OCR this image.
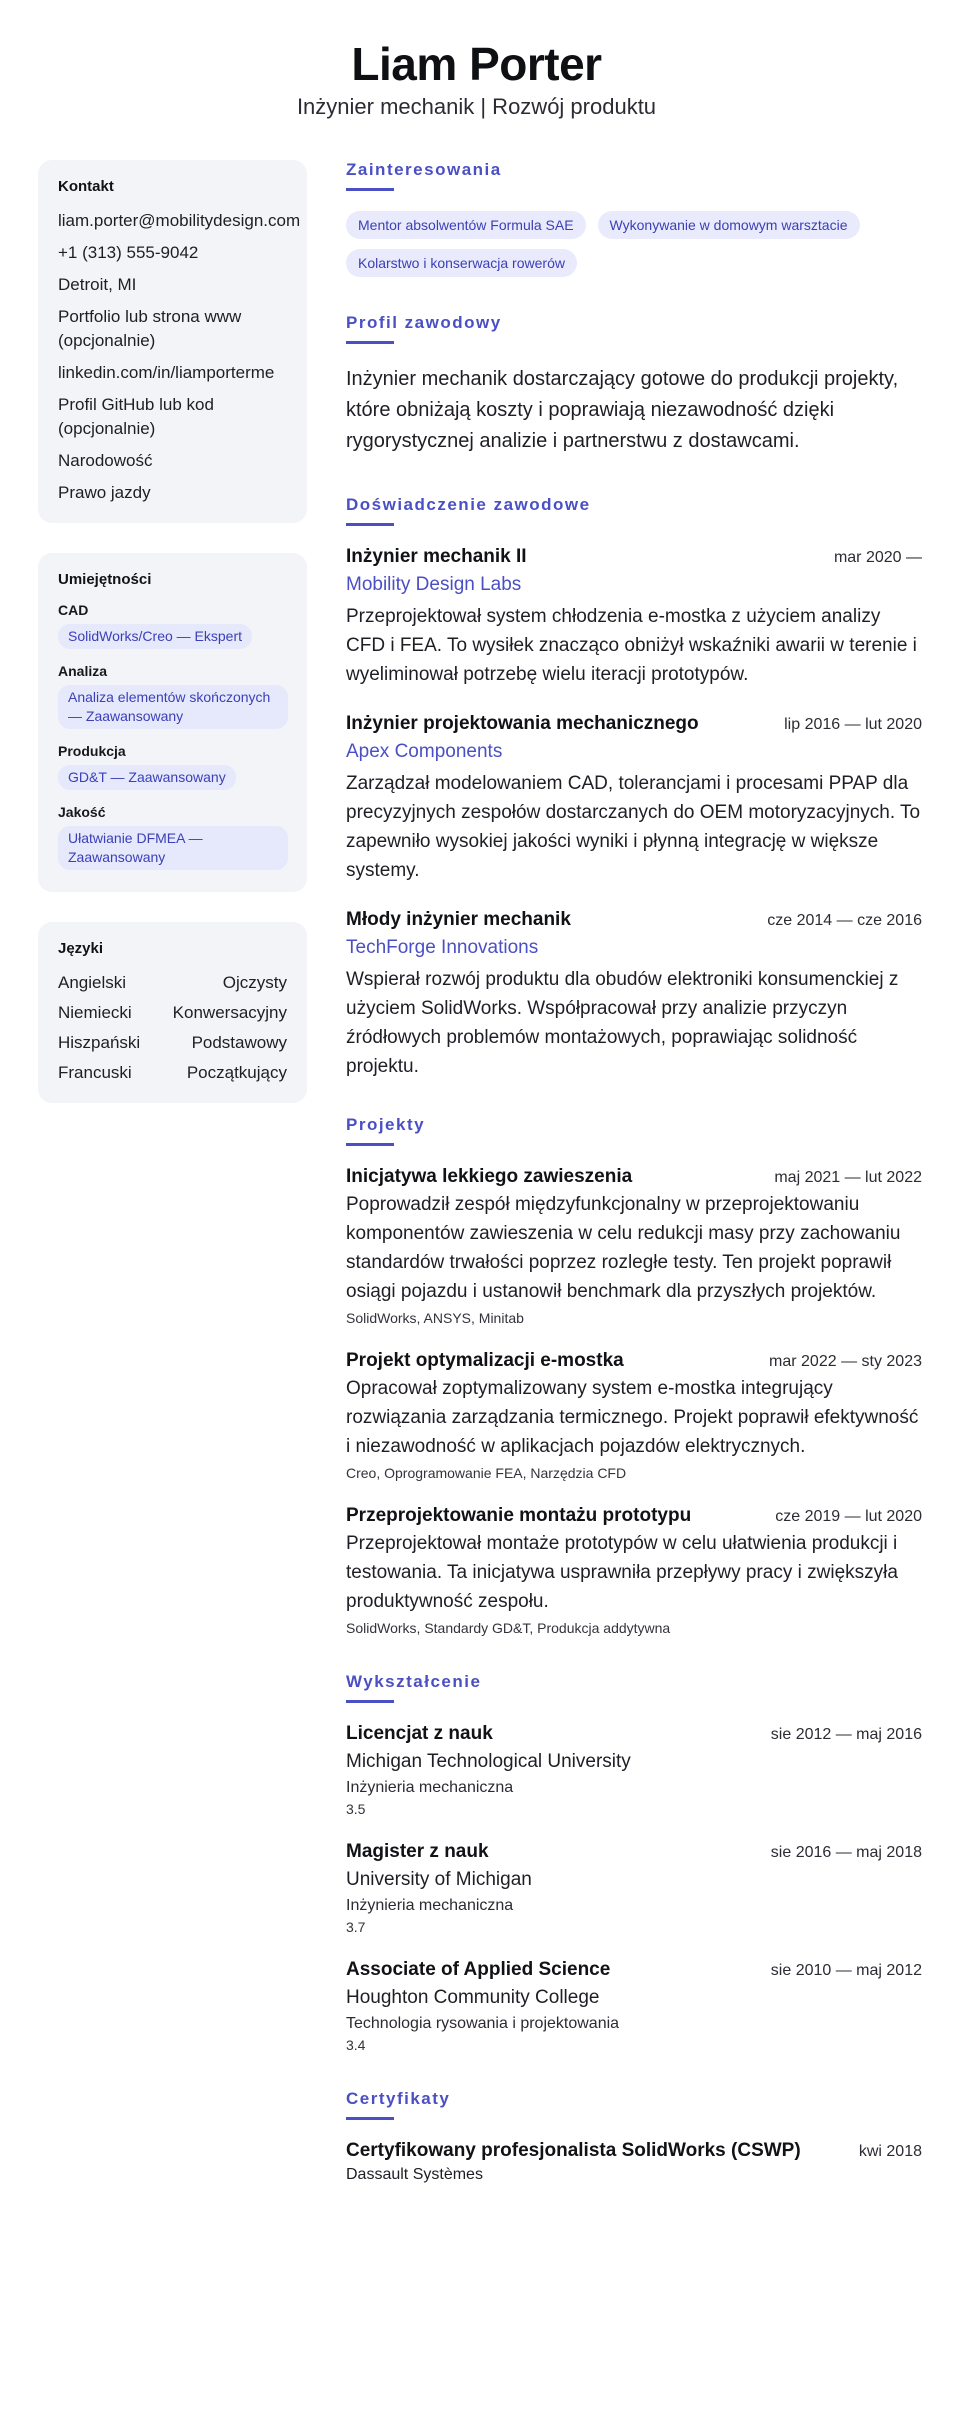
Liam Porter
Inżynier mechanik | Rozwój produktu
Kontakt
liam.porter@mobilitydesign.com
+1 (313) 555-9042
Detroit, MI
Portfolio lub strona www (opcjonalnie)
linkedin.com/in/liamporterme
Profil GitHub lub kod (opcjonalnie)
Narodowość
Prawo jazdy
Umiejętności
CAD
SolidWorks/Creo — Ekspert
Analiza
Analiza elementów skończonych — Zaawansowany
Produkcja
GD&T — Zaawansowany
Jakość
Ułatwianie DFMEA — Zaawansowany
Języki
Angielski	Ojczysty
Niemiecki Konwersacyjny
Hiszpański	Podstawowy
Francuski	Początkujący
Zainteresowania
Mentor absolwentów Formula SAE	Wykonywanie w domowym warsztacie
Kolarstwo i konserwacja rowerów
Profil zawodowy
Inżynier mechanik dostarczający gotowe do produkcji projekty, które obniżają koszty i poprawiają niezawodność dzięki rygorystycznej analizie i partnerstwu z dostawcami.
Doświadczenie zawodowe
Inżynier mechanik II	mar 2020 —
Mobility Design Labs
Przeprojektował system chłodzenia e-mostka z użyciem analizy CFD i FEA. To wysiłek znacząco obniżył wskaźniki awarii w terenie i wyeliminował potrzebę wielu iteracji prototypów.
Inżynier projektowania mechanicznego	lip 2016 — lut 2020
Apex Components
Zarządzał modelowaniem CAD, tolerancjami i procesami PPAP dla precyzyjnych zespołów dostarczanych do OEM motoryzacyjnych. To zapewniło wysokiej jakości wyniki i płynną integrację w większe systemy.
Młody inżynier mechanik	cze 2014 — cze 2016
TechForge Innovations
Wspierał rozwój produktu dla obudów elektroniki konsumenckiej z użyciem SolidWorks. Współpracował przy analizie przyczyn źródłowych problemów montażowych, poprawiając solidność projektu.
Projekty
Inicjatywa lekkiego zawieszenia	maj 2021 — lut 2022
Poprowadził zespół międzyfunkcjonalny w przeprojektowaniu komponentów zawieszenia w celu redukcji masy przy zachowaniu standardów trwałości poprzez rozległe testy. Ten projekt poprawił osiągi pojazdu i ustanowił benchmark dla przyszłych projektów.
SolidWorks, ANSYS, Minitab
Projekt optymalizacji e-mostka	mar 2022 — sty 2023
Opracował zoptymalizowany system e-mostka integrujący rozwiązania zarządzania termicznego. Projekt poprawił efektywność i niezawodność w aplikacjach pojazdów elektrycznych.
Creo, Oprogramowanie FEA, Narzędzia CFD
Przeprojektowanie montażu prototypu	cze 2019 — lut 2020
Przeprojektował montaże prototypów w celu ułatwienia produkcji i testowania. Ta inicjatywa usprawniła przepływy pracy i zwiększyła produktywność zespołu.
SolidWorks, Standardy GD&T, Produkcja addytywna
Wykształcenie
Licencjat z nauk	sie 2012 — maj 2016
Michigan Technological University
Inżynieria mechaniczna
3.5
Magister z nauk	sie 2016 — maj 2018
University of Michigan
Inżynieria mechaniczna
3.7
Associate of Applied Science	sie 2010 — maj 2012
Houghton Community College
Technologia rysowania i projektowania
3.4
Certyfikaty
Certyfikowany profesjonalista SolidWorks (CSWP)	kwi 2018
Dassault Systèmes
